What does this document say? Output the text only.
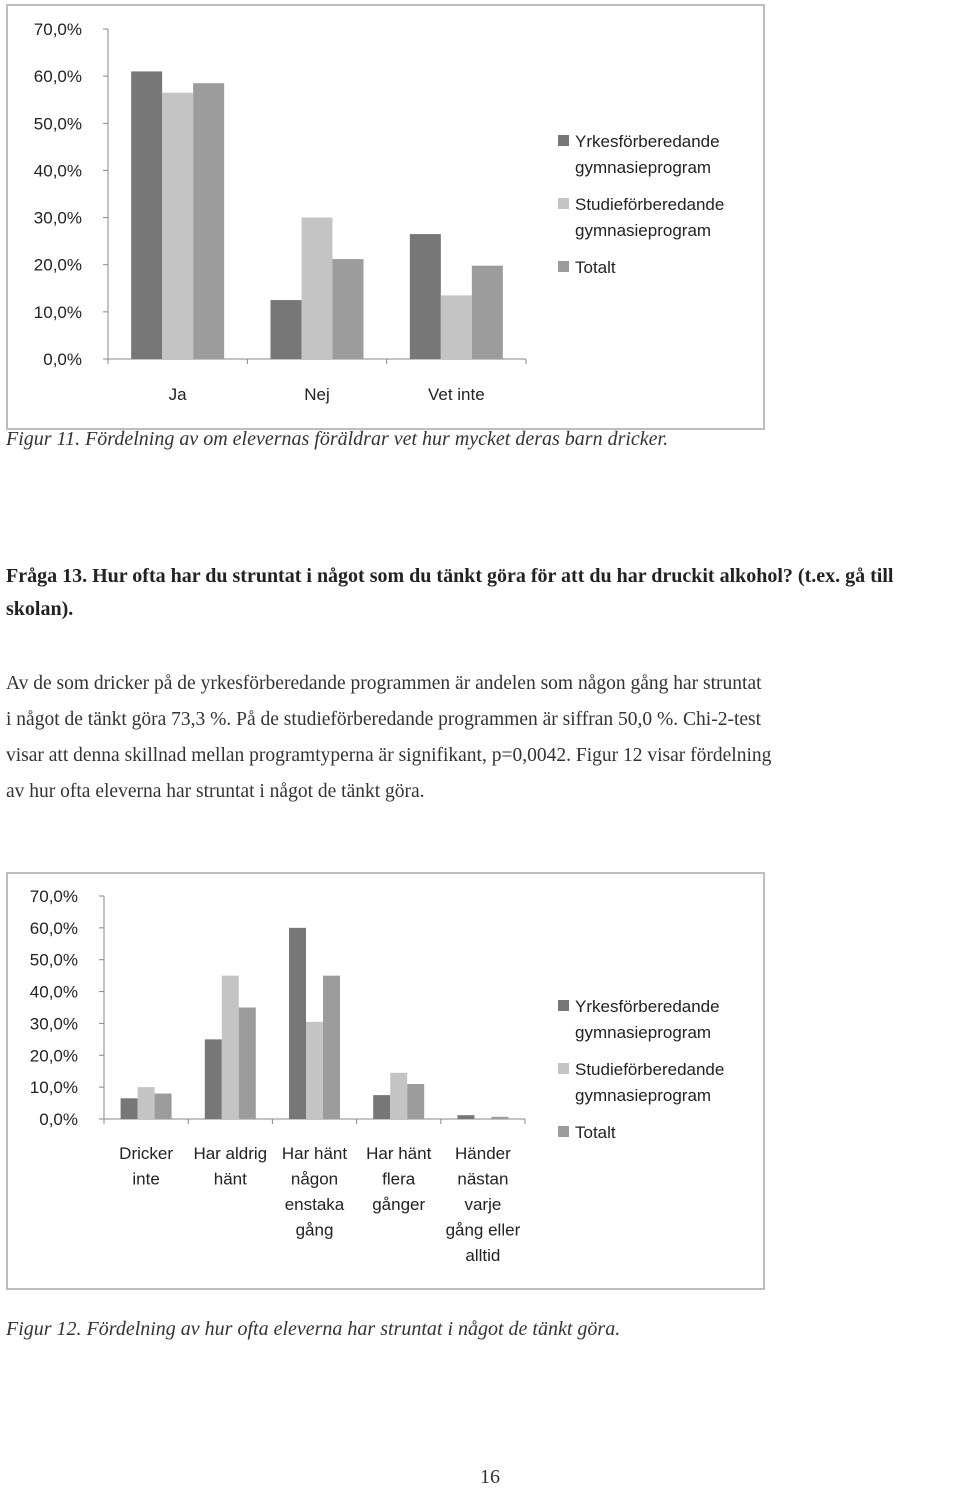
0,0%
10,0%
20,0%
30,0%
40,0%
50,0%
60,0%
70,0%
Ja	Nej	Vet inte
Yrkesförberedande
gymnasieprogram
Studieförberedande
gymnasieprogram
Totalt
Figur 11. Fördelning av om elevernas föräldrar vet hur mycket deras barn dricker.
Fråga 13. Hur ofta har du struntat i något som du tänkt göra för att du har druckit alkohol? (t.ex. gå till skolan).
Av de som dricker på de yrkesförberedande programmen är andelen som någon gång har struntat
i något de tänkt göra 73,3 %. På de studieförberedande programmen är siffran 50,0 %. Chi-2-test
visar att denna skillnad mellan programtyperna är signifikant, p=0,0042. Figur 12 visar fördelning
av hur ofta eleverna har struntat i något de tänkt göra.
0,0%
10,0%
20,0%
30,0%
40,0%
50,0%
60,0%
70,0%
Dricker
inte
Har aldrig
hänt
Har hänt
någon
enstaka
gång
Har hänt
flera
gånger
Händer
nästan
varje
gång eller
alltid
Yrkesförberedande
gymnasieprogram
Studieförberedande
gymnasieprogram
Totalt
Figur 12. Fördelning av hur ofta eleverna har struntat i något de tänkt göra.
16
